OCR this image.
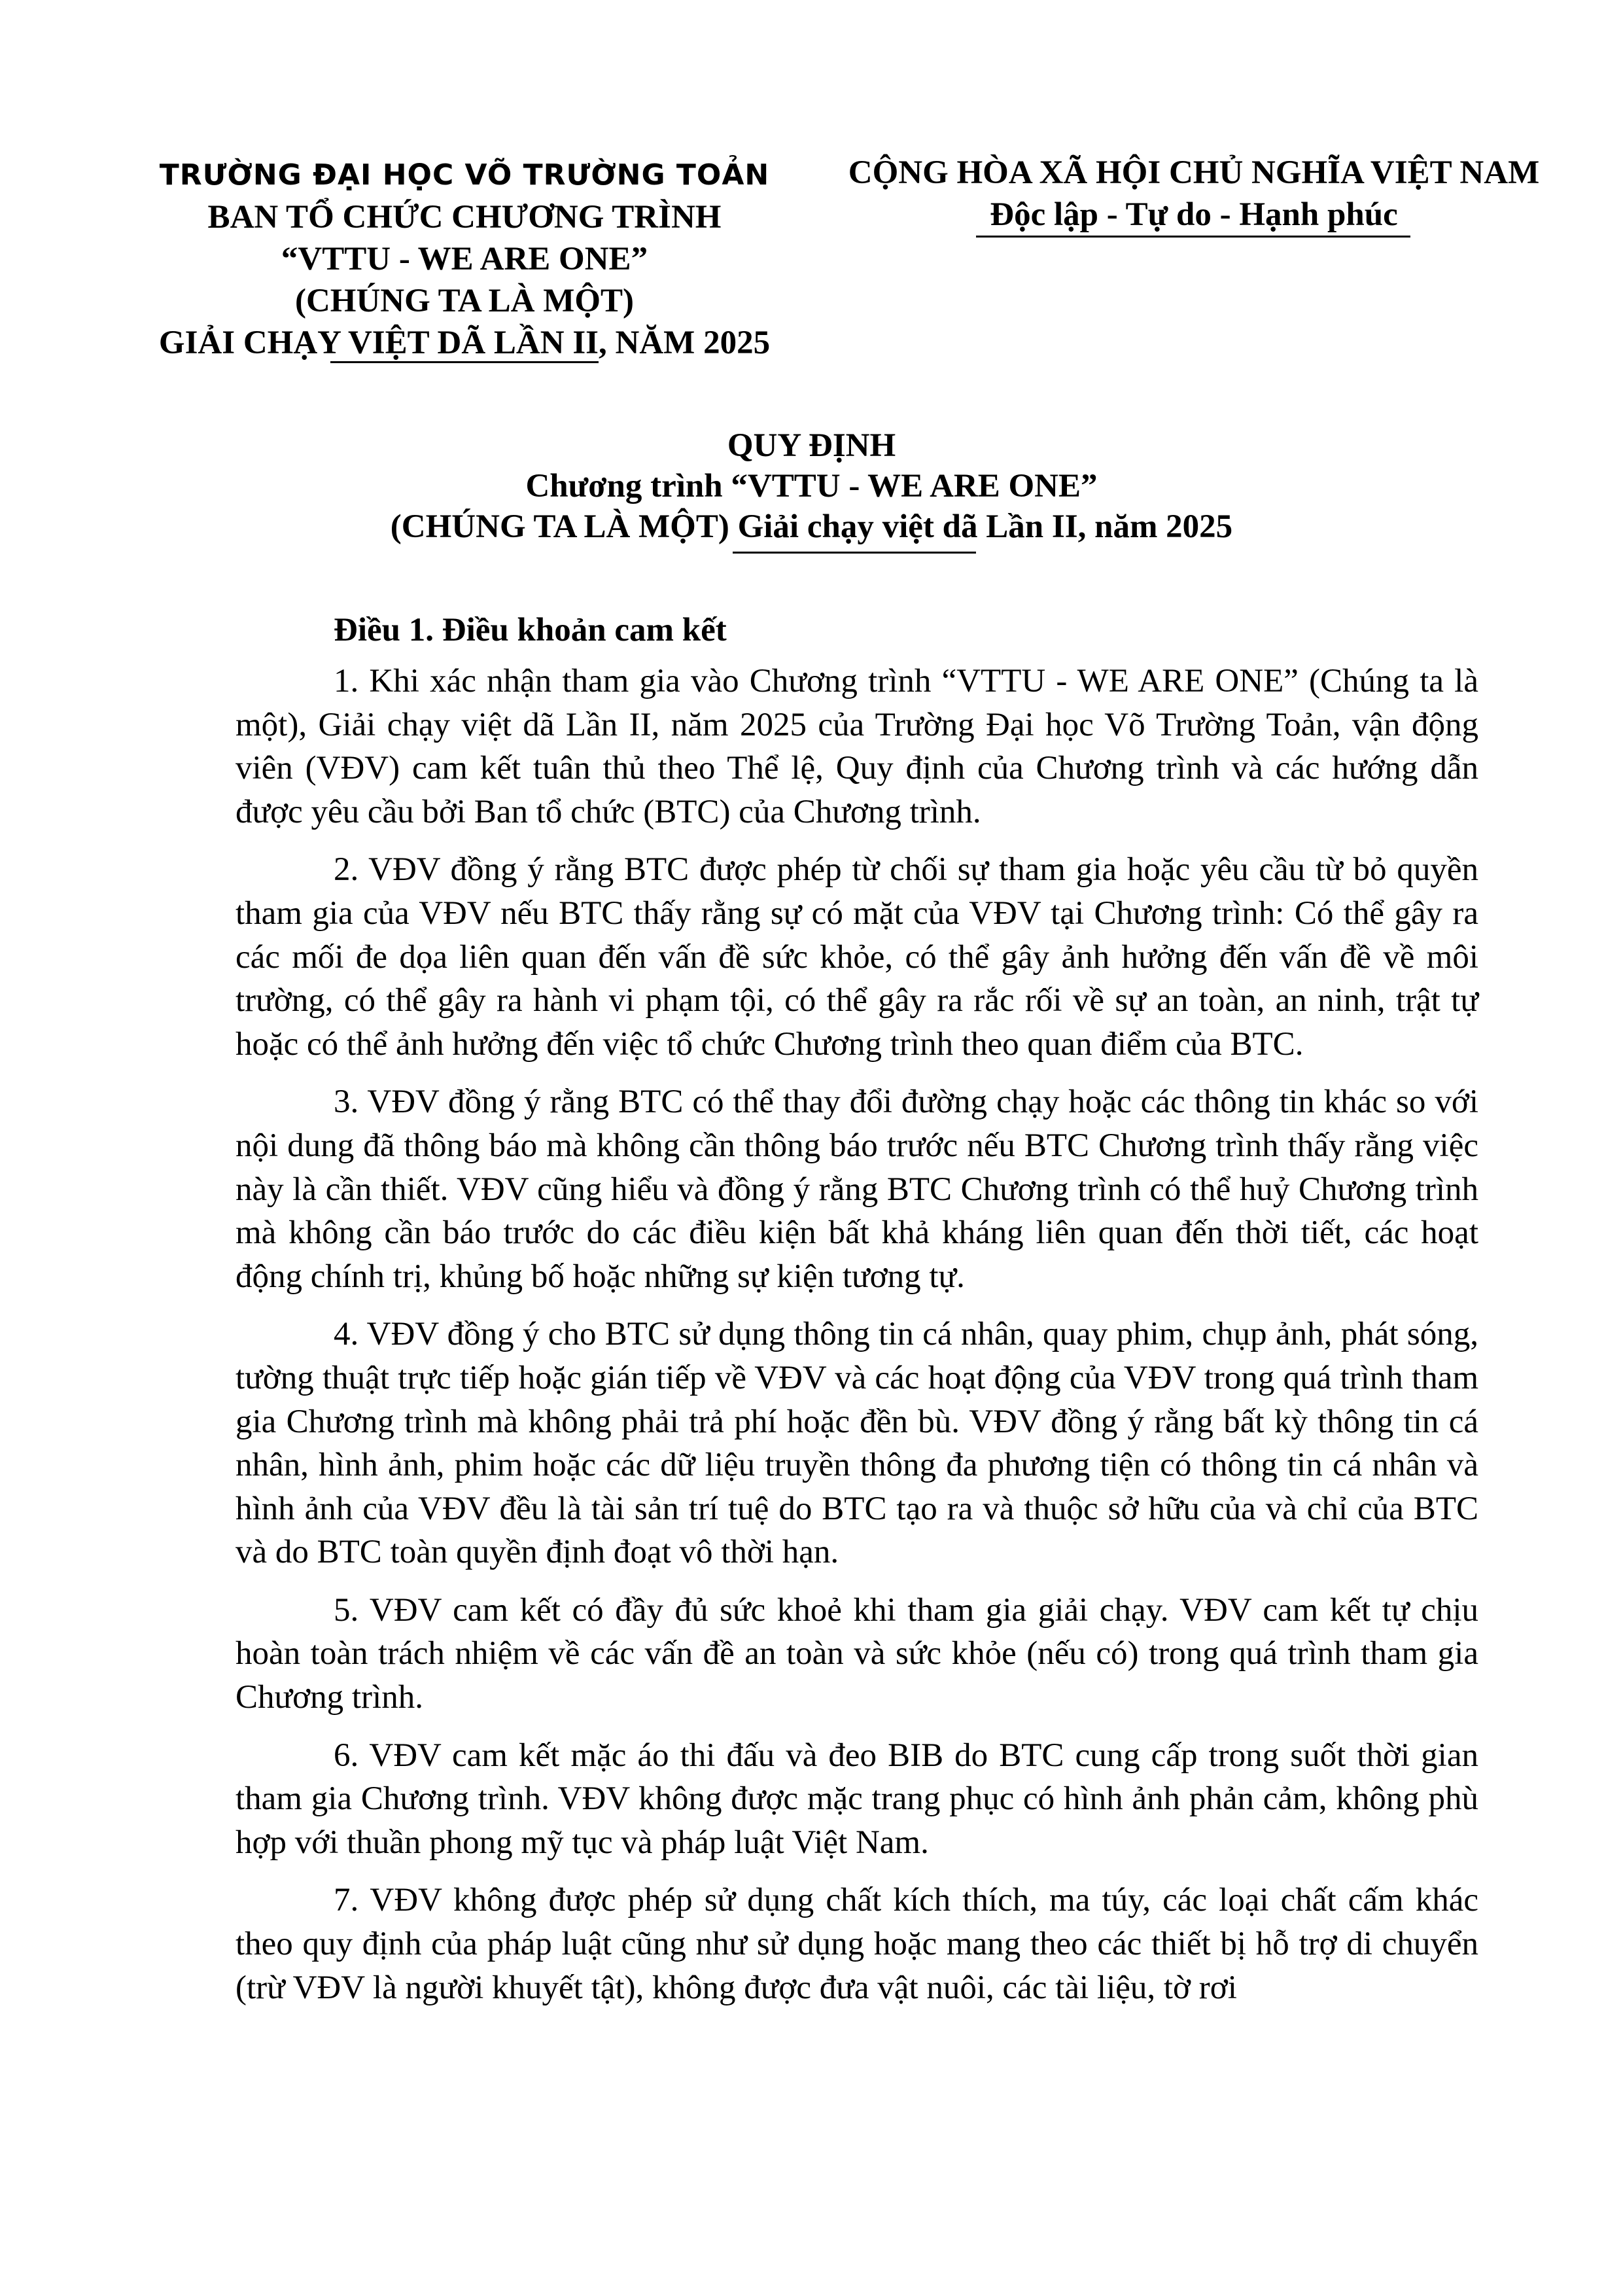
TRƯỜNG ĐẠI HỌC VÕ TRƯỜNG TOẢN
BAN TỔ CHỨC CHƯƠNG TRÌNH
“VTTU - WE ARE ONE”
(CHÚNG TA LÀ MỘT)
GIẢI CHẠY VIỆT DÃ LẦN II, NĂM 2025
CỘNG HÒA XÃ HỘI CHỦ NGHĨA VIỆT NAM
Độc lập - Tự do - Hạnh phúc
QUY ĐỊNH
Chương trình “VTTU - WE ARE ONE”
(CHÚNG TA LÀ MỘT) Giải chạy việt dã Lần II, năm 2025
Điều 1. Điều khoản cam kết

1. Khi xác nhận tham gia vào Chương trình “VTTU - WE ARE ONE” (Chúng ta là một), Giải chạy việt dã Lần II, năm 2025 của Trường Đại học Võ Trường Toản, vận động viên (VĐV) cam kết tuân thủ theo Thể lệ, Quy định của Chương trình và các hướng dẫn được yêu cầu bởi Ban tổ chức (BTC) của Chương trình.

2. VĐV đồng ý rằng BTC được phép từ chối sự tham gia hoặc yêu cầu từ bỏ quyền tham gia của VĐV nếu BTC thấy rằng sự có mặt của VĐV tại Chương trình: Có thể gây ra các mối đe dọa liên quan đến vấn đề sức khỏe, có thể gây ảnh hưởng đến vấn đề về môi trường, có thể gây ra hành vi phạm tội, có thể gây ra rắc rối về sự an toàn, an ninh, trật tự hoặc có thể ảnh hưởng đến việc tổ chức Chương trình theo quan điểm của BTC.

3. VĐV đồng ý rằng BTC có thể thay đổi đường chạy hoặc các thông tin khác so với nội dung đã thông báo mà không cần thông báo trước nếu BTC Chương trình thấy rằng việc này là cần thiết. VĐV cũng hiểu và đồng ý rằng BTC Chương trình có thể huỷ Chương trình mà không cần báo trước do các điều kiện bất khả kháng liên quan đến thời tiết, các hoạt động chính trị, khủng bố hoặc những sự kiện tương tự.

4. VĐV đồng ý cho BTC sử dụng thông tin cá nhân, quay phim, chụp ảnh, phát sóng, tường thuật trực tiếp hoặc gián tiếp về VĐV và các hoạt động của VĐV trong quá trình tham gia Chương trình mà không phải trả phí hoặc đền bù. VĐV đồng ý rằng bất kỳ thông tin cá nhân, hình ảnh, phim hoặc các dữ liệu truyền thông đa phương tiện có thông tin cá nhân và hình ảnh của VĐV đều là tài sản trí tuệ do BTC tạo ra và thuộc sở hữu của và chỉ của BTC và do BTC toàn quyền định đoạt vô thời hạn.

5. VĐV cam kết có đầy đủ sức khoẻ khi tham gia giải chạy. VĐV cam kết tự chịu hoàn toàn trách nhiệm về các vấn đề an toàn và sức khỏe (nếu có) trong quá trình tham gia Chương trình.

6. VĐV cam kết mặc áo thi đấu và đeo BIB do BTC cung cấp trong suốt thời gian tham gia Chương trình. VĐV không được mặc trang phục có hình ảnh phản cảm, không phù hợp với thuần phong mỹ tục và pháp luật Việt Nam.

7. VĐV không được phép sử dụng chất kích thích, ma túy, các loại chất cấm khác theo quy định của pháp luật cũng như sử dụng hoặc mang theo các thiết bị hỗ trợ di chuyển (trừ VĐV là người khuyết tật), không được đưa vật nuôi, các tài liệu, tờ rơi
